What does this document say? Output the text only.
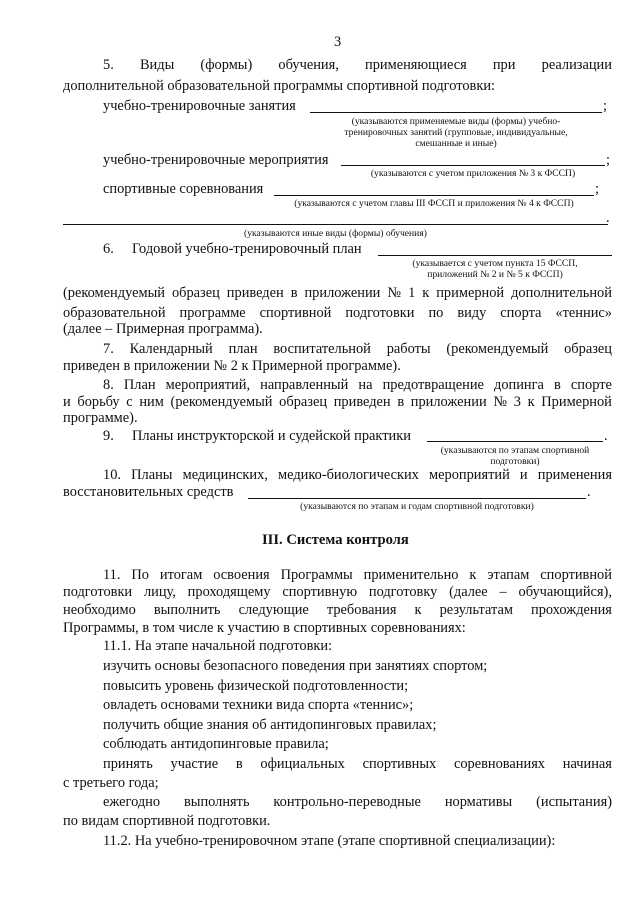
3
5. Виды (формы) обучения, применяющиеся при реализации
дополнительной образовательной программы спортивной подготовки:
учебно-тренировочные занятия	;
(указываются применяемые виды (формы) учебно-
тренировочных занятий (групповые, индивидуальные,
смешанные и иные)
учебно-тренировочные мероприятия	;
(указываются с учетом приложения № 3 к ФССП)
спортивные соревнования	;
(указываются с учетом главы III ФССП и приложения № 4 к ФССП)
.
(указываются иные виды (формы) обучения)
6. Годовой учебно-тренировочный план
(указывается с учетом пункта 15 ФССП,
приложений № 2 и № 5 к ФССП)
(рекомендуемый образец приведен в приложении № 1 к примерной дополнительной
образовательной программе спортивной подготовки по виду спорта «теннис»
(далее – Примерная программа).
7. Календарный план воспитательной работы (рекомендуемый образец
приведен в приложении № 2 к Примерной программе).
8. План мероприятий, направленный на предотвращение допинга в спорте
и борьбу с ним (рекомендуемый образец приведен в приложении № 3 к Примерной
программе).
9. Планы инструкторской и судейской практики	.
(указываются по этапам спортивной
подготовки)
10. Планы медицинских, медико-биологических мероприятий и применения
восстановительных средств	.
(указываются по этапам и годам спортивной подготовки)
III. Система контроля
11. По итогам освоения Программы применительно к этапам спортивной
подготовки лицу, проходящему спортивную подготовку (далее – обучающийся),
необходимо выполнить следующие требования к результатам прохождения
Программы, в том числе к участию в спортивных соревнованиях:
11.1. На этапе начальной подготовки:
изучить основы безопасного поведения при занятиях спортом;
повысить уровень физической подготовленности;
овладеть основами техники вида спорта «теннис»;
получить общие знания об антидопинговых правилах;
соблюдать антидопинговые правила;
принять участие в официальных спортивных соревнованиях начиная
с третьего года;
ежегодно выполнять контрольно-переводные нормативы (испытания)
по видам спортивной подготовки.
11.2. На учебно-тренировочном этапе (этапе спортивной специализации):
